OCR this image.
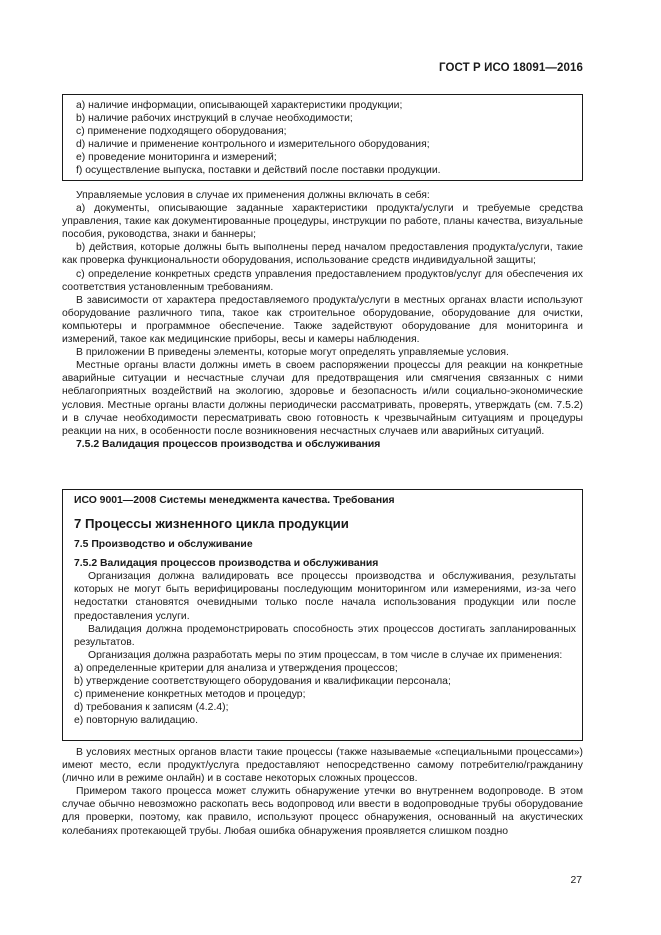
ГОСТ Р ИСО 18091—2016

a) наличие информации, описывающей характеристики продукции;

b) наличие рабочих инструкций в случае необходимости;

c) применение подходящего оборудования;

d) наличие и применение контрольного и измерительного оборудования;

e) проведение мониторинга и измерений;

f) осуществление выпуска, поставки и действий после поставки продукции.

Управляемые условия в случае их применения должны включать в себя:

а) документы, описывающие заданные характеристики продукта/услуги и требуемые средства управления, такие как документированные процедуры, инструкции по работе, планы качества, визуальные пособия, руководства, знаки и баннеры;

b) действия, которые должны быть выполнены перед началом предоставления продукта/услуги, такие как проверка функциональности оборудования, использование средств индивидуальной защиты;

c) определение конкретных средств управления предоставлением продуктов/услуг для обеспечения их соответствия установленным требованиям.

В зависимости от характера предоставляемого продукта/услуги в местных органах власти используют оборудование различного типа, такое как строительное оборудование, оборудование для очистки, компьютеры и программное обеспечение. Также задействуют оборудование для мониторинга и измерений, такое как медицинские приборы, весы и камеры наблюдения.

В приложении В приведены элементы, которые могут определять управляемые условия.

Местные органы власти должны иметь в своем распоряжении процессы для реакции на конкретные аварийные ситуации и несчастные случаи для предотвращения или смягчения связанных с ними неблагоприятных воздействий на экологию, здоровье и безопасность и/или социально-экономические условия. Местные органы власти должны периодически рассматривать, проверять, утверждать (см. 7.5.2) и в случае необходимости пересматривать свою готовность к чрезвычайным ситуациям и процедуры реакции на них, в особенности после возникновения несчастных случаев или аварийных ситуаций.

7.5.2 Валидация процессов производства и обслуживания

ИСО 9001—2008 Системы менеджмента качества. Требования

7 Процессы жизненного цикла продукции

7.5 Производство и обслуживание

7.5.2 Валидация процессов производства и обслуживания

Организация должна валидировать все процессы производства и обслуживания, результаты которых не могут быть верифицированы последующим мониторингом или измерениями, из-за чего недостатки становятся очевидными только после начала использования продукции или после предоставления услуги.

Валидация должна продемонстрировать способность этих процессов достигать запланированных результатов.

Организация должна разработать меры по этим процессам, в том числе в случае их применения:

a) определенные критерии для анализа и утверждения процессов;

b) утверждение соответствующего оборудования и квалификации персонала;

c) применение конкретных методов и процедур;

d) требования к записям (4.2.4);

e) повторную валидацию.

В условиях местных органов власти такие процессы (также называемые «специальными процессами») имеют место, если продукт/услуга предоставляют непосредственно самому потребителю/гражданину (лично или в режиме онлайн) и в составе некоторых сложных процессов.

Примером такого процесса может служить обнаружение утечки во внутреннем водопроводе. В этом случае обычно невозможно раскопать весь водопровод или ввести в водопроводные трубы оборудование для проверки, поэтому, как правило, используют процесс обнаружения, основанный на акустических колебаниях протекающей трубы. Любая ошибка обнаружения проявляется слишком поздно

27
